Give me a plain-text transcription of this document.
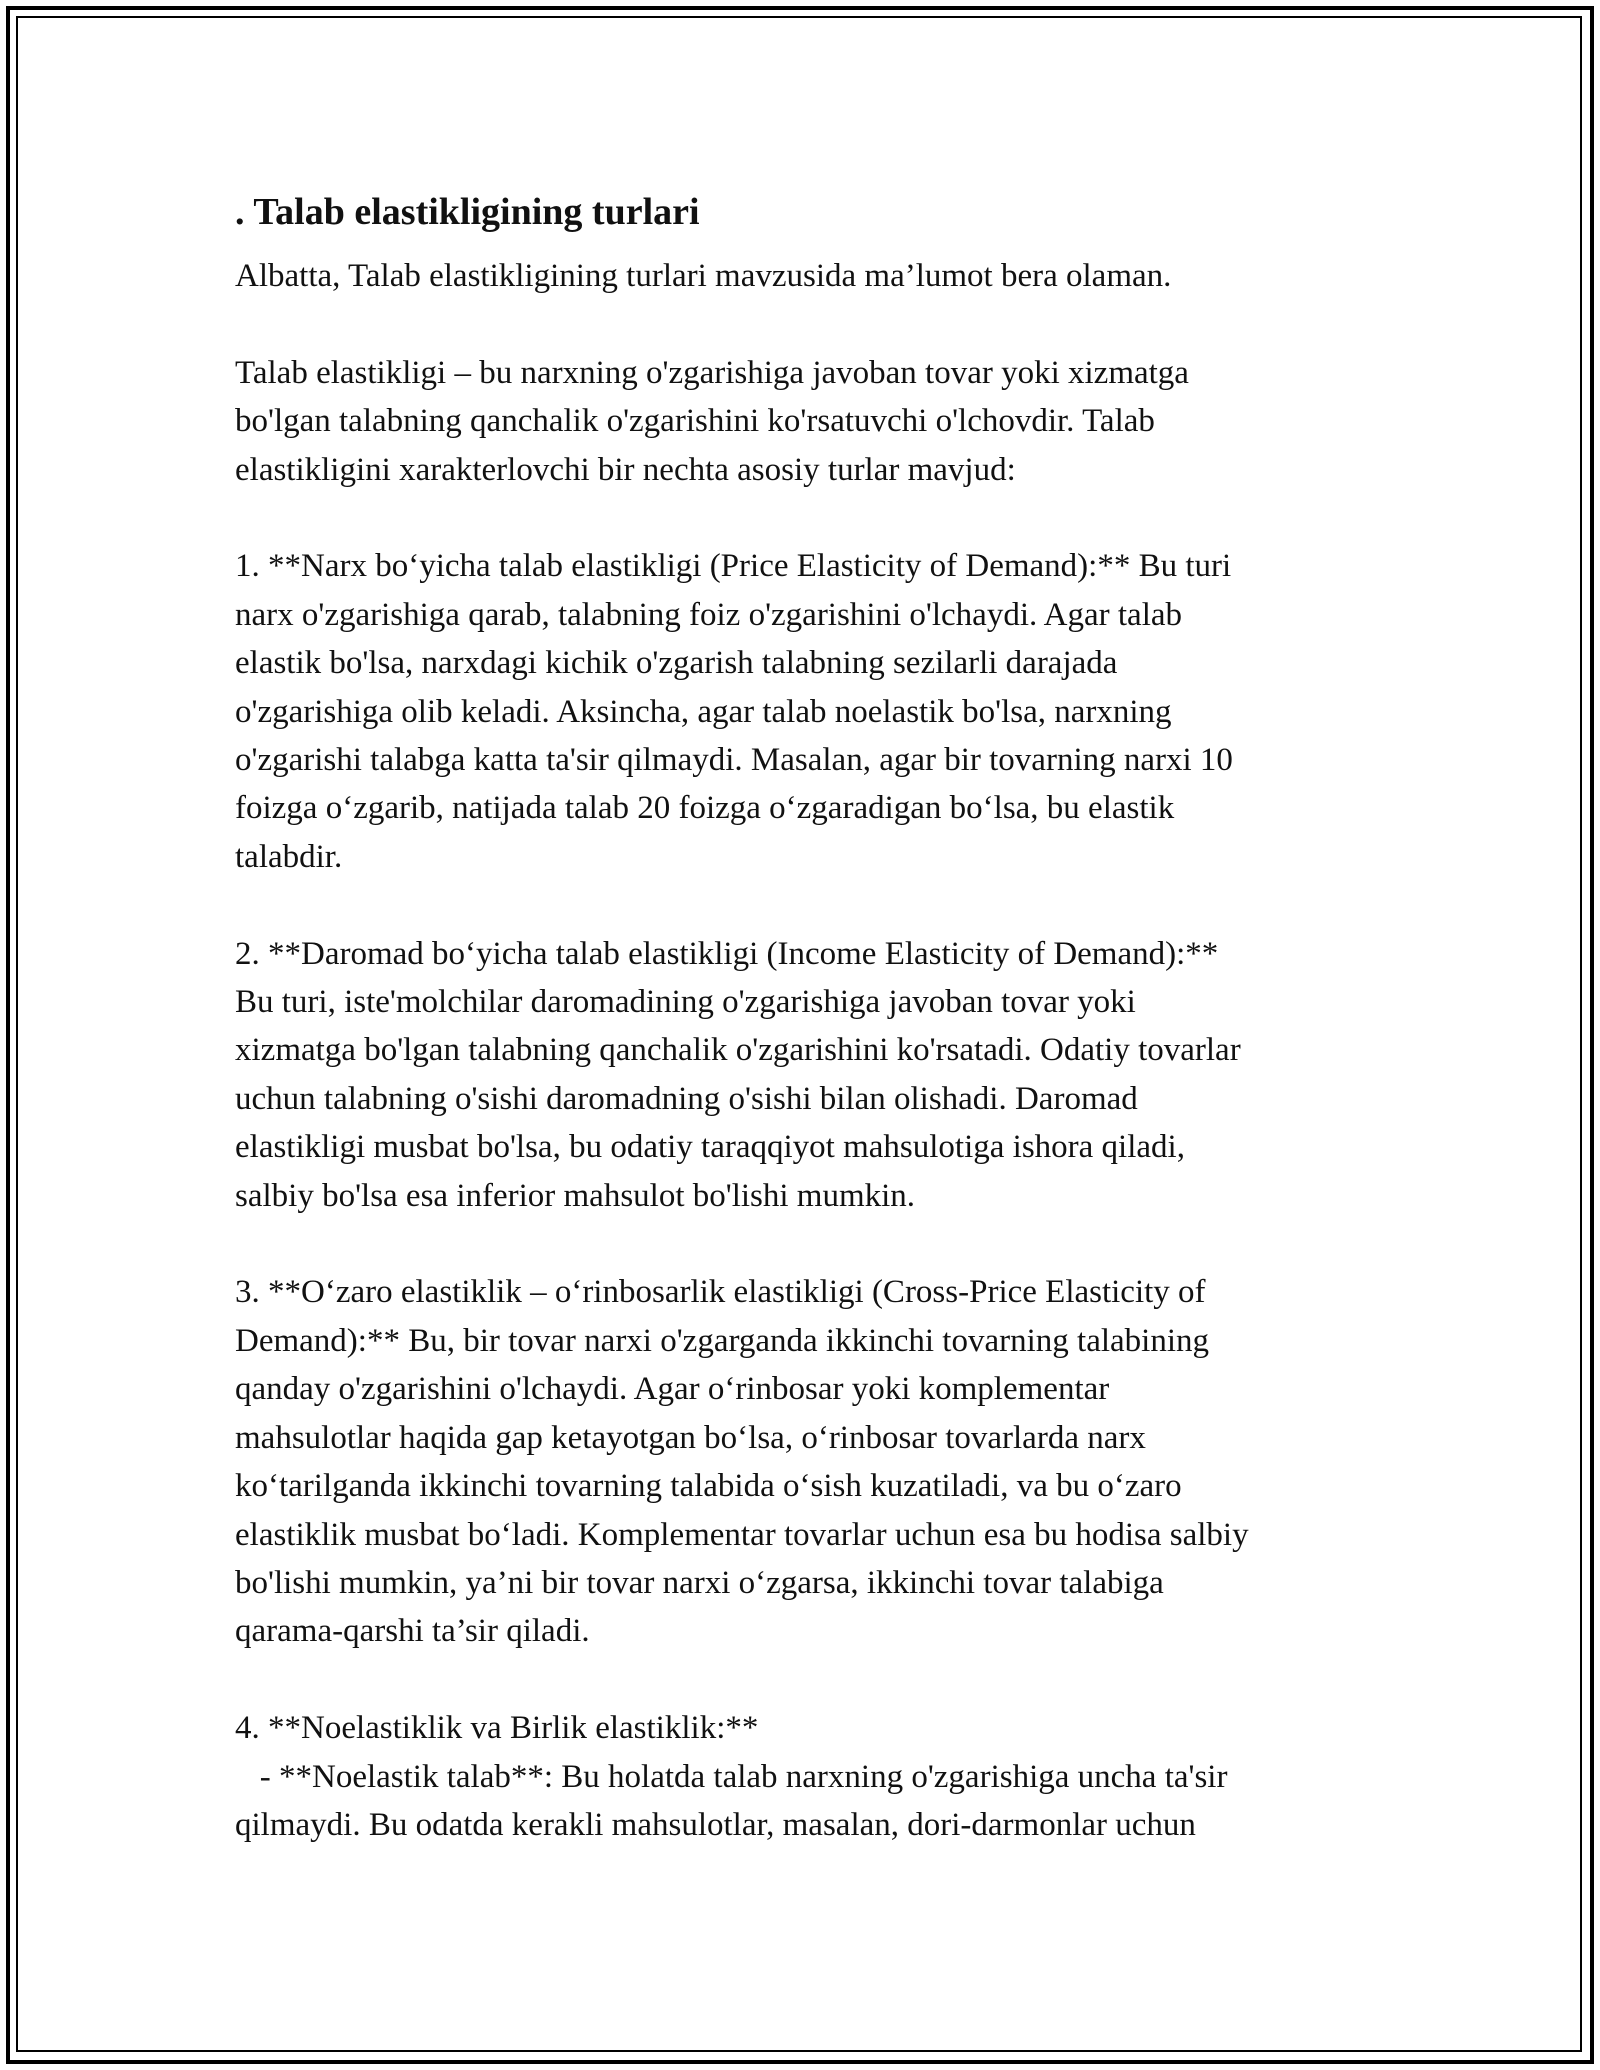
. Talab elastikligining turlari

Albatta, Talab elastikligining turlari mavzusida ma’lumot bera olaman.

Talab elastikligi – bu narxning o'zgarishiga javoban tovar yoki xizmatga
bo'lgan talabning qanchalik o'zgarishini ko'rsatuvchi o'lchovdir. Talab
elastikligini xarakterlovchi bir nechta asosiy turlar mavjud:

1. **Narx bo‘yicha talab elastikligi (Price Elasticity of Demand):** Bu turi
narx o'zgarishiga qarab, talabning foiz o'zgarishini o'lchaydi. Agar talab
elastik bo'lsa, narxdagi kichik o'zgarish talabning sezilarli darajada
o'zgarishiga olib keladi. Aksincha, agar talab noelastik bo'lsa, narxning
o'zgarishi talabga katta ta'sir qilmaydi. Masalan, agar bir tovarning narxi 10
foizga o‘zgarib, natijada talab 20 foizga o‘zgaradigan bo‘lsa, bu elastik
talabdir.

2. **Daromad bo‘yicha talab elastikligi (Income Elasticity of Demand):**
Bu turi, iste'molchilar daromadining o'zgarishiga javoban tovar yoki
xizmatga bo'lgan talabning qanchalik o'zgarishini ko'rsatadi. Odatiy tovarlar
uchun talabning o'sishi daromadning o'sishi bilan olishadi. Daromad
elastikligi musbat bo'lsa, bu odatiy taraqqiyot mahsulotiga ishora qiladi,
salbiy bo'lsa esa inferior mahsulot bo'lishi mumkin.

3. **O‘zaro elastiklik – o‘rinbosarlik elastikligi (Cross-Price Elasticity of
Demand):** Bu, bir tovar narxi o'zgarganda ikkinchi tovarning talabining
qanday o'zgarishini o'lchaydi. Agar o‘rinbosar yoki komplementar
mahsulotlar haqida gap ketayotgan bo‘lsa, o‘rinbosar tovarlarda narx
ko‘tarilganda ikkinchi tovarning talabida o‘sish kuzatiladi, va bu o‘zaro
elastiklik musbat bo‘ladi. Komplementar tovarlar uchun esa bu hodisa salbiy
bo'lishi mumkin, ya’ni bir tovar narxi o‘zgarsa, ikkinchi tovar talabiga
qarama-qarshi ta’sir qiladi.

4. **Noelastiklik va Birlik elastiklik:**
- **Noelastik talab**: Bu holatda talab narxning o'zgarishiga uncha ta'sir
qilmaydi. Bu odatda kerakli mahsulotlar, masalan, dori-darmonlar uchun
